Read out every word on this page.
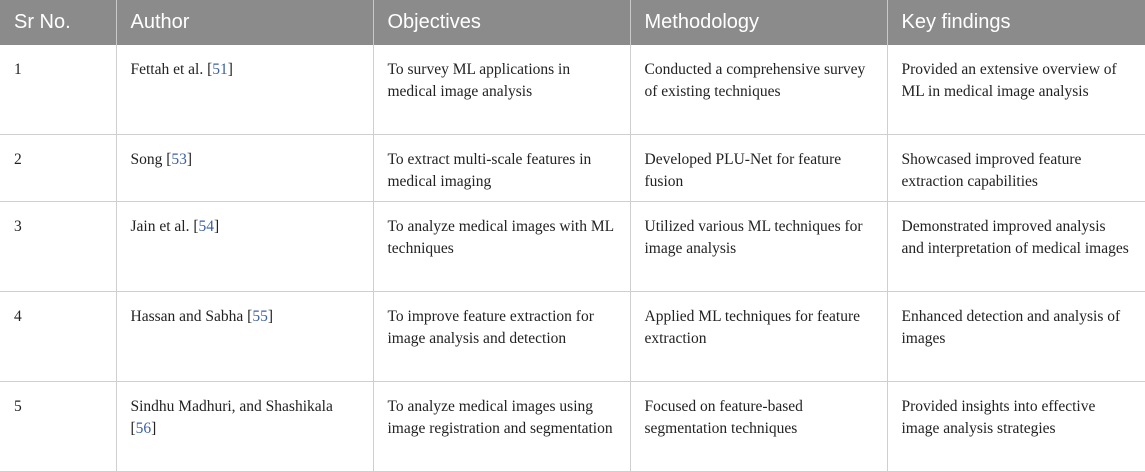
Sr No.	Author	Objectives	Methodology	Key findings
1	Fettah et al. [51]	To survey ML applications in medical image analysis	Conducted a comprehensive survey of existing techniques	Provided an extensive overview of ML in medical image analysis
2	Song [53]	To extract multi-scale features in medical imaging	Developed PLU-Net for feature fusion	Showcased improved feature extraction capabilities
3	Jain et al. [54]	To analyze medical images with ML techniques	Utilized various ML techniques for image analysis	Demonstrated improved analysis and interpretation of medical images
4	Hassan and Sabha [55]	To improve feature extraction for image analysis and detection	Applied ML techniques for feature extraction	Enhanced detection and analysis of images
5	Sindhu Madhuri, and Shashikala [56]	To analyze medical images using image registration and segmentation	Focused on feature-based segmentation techniques	Provided insights into effective image analysis strategies
